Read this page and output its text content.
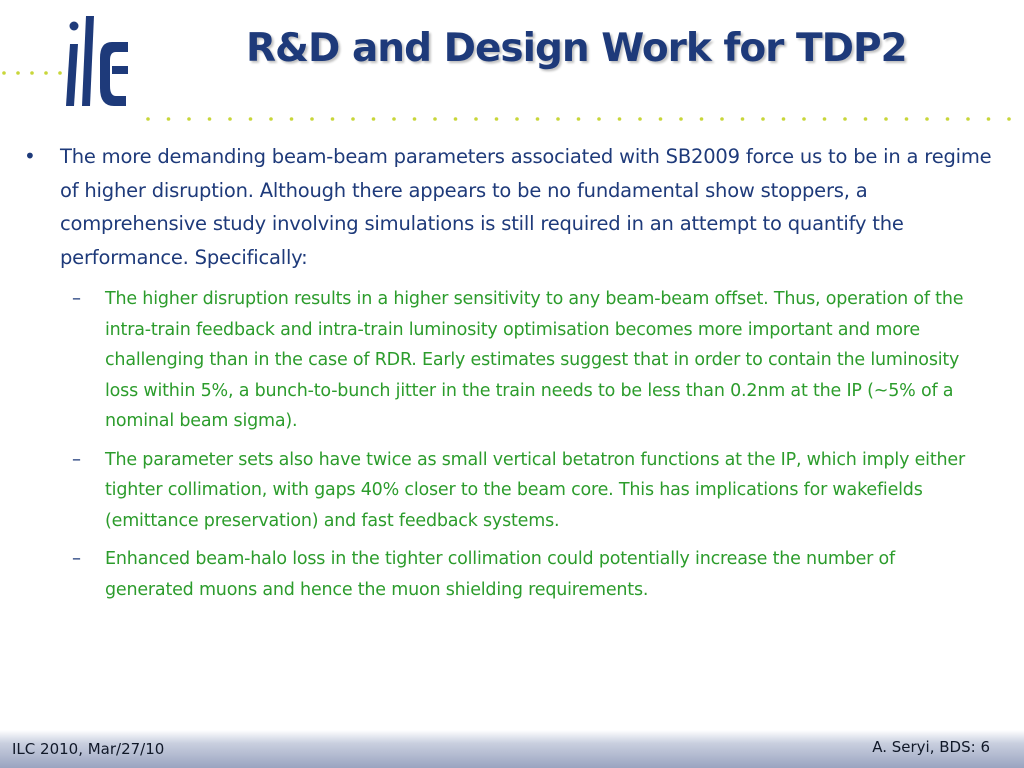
R&D and Design Work for TDP2
• The more demanding beam-beam parameters associated with SB2009 force us to be in a regime of higher disruption. Although there appears to be no fundamental show stoppers, a comprehensive study involving simulations is still required in an attempt to quantify the performance. Specifically:
– The higher disruption results in a higher sensitivity to any beam-beam offset. Thus, operation of the intra-train feedback and intra-train luminosity optimisation becomes more important and more challenging than in the case of RDR. Early estimates suggest that in order to contain the luminosity loss within 5%, a bunch-to-bunch jitter in the train needs to be less than 0.2nm at the IP (~5% of a nominal beam sigma).
– The parameter sets also have twice as small vertical betatron functions at the IP, which imply either tighter collimation, with gaps 40% closer to the beam core. This has implications for wakefields (emittance preservation) and fast feedback systems.
– Enhanced beam-halo loss in the tighter collimation could potentially increase the number of generated muons and hence the muon shielding requirements.
ILC 2010, Mar/27/10	A. Seryi, BDS: 6
